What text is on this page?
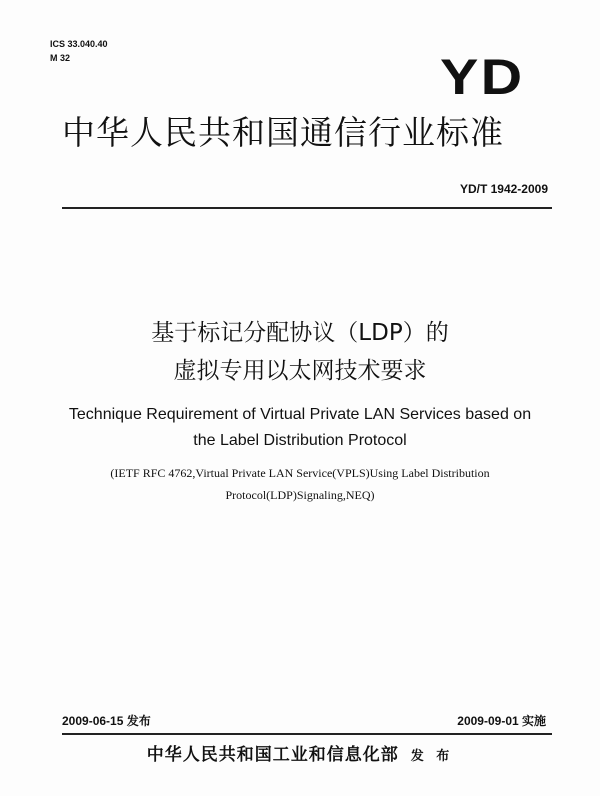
ICS 33.040.40
M 32	YD
中华人民共和国通信行业标准
YD/T 1942-2009
基于标记分配协议（LDP）的
虚拟专用以太网技术要求
Technique Requirement of Virtual Private LAN Services based on
the Label Distribution Protocol
(IETF RFC 4762,Virtual Private LAN Service(VPLS)Using Label Distribution
Protocol(LDP)Signaling,NEQ)
2009-06-15 发布	2009-09-01 实施
中华人民共和国工业和信息化部 发 布
